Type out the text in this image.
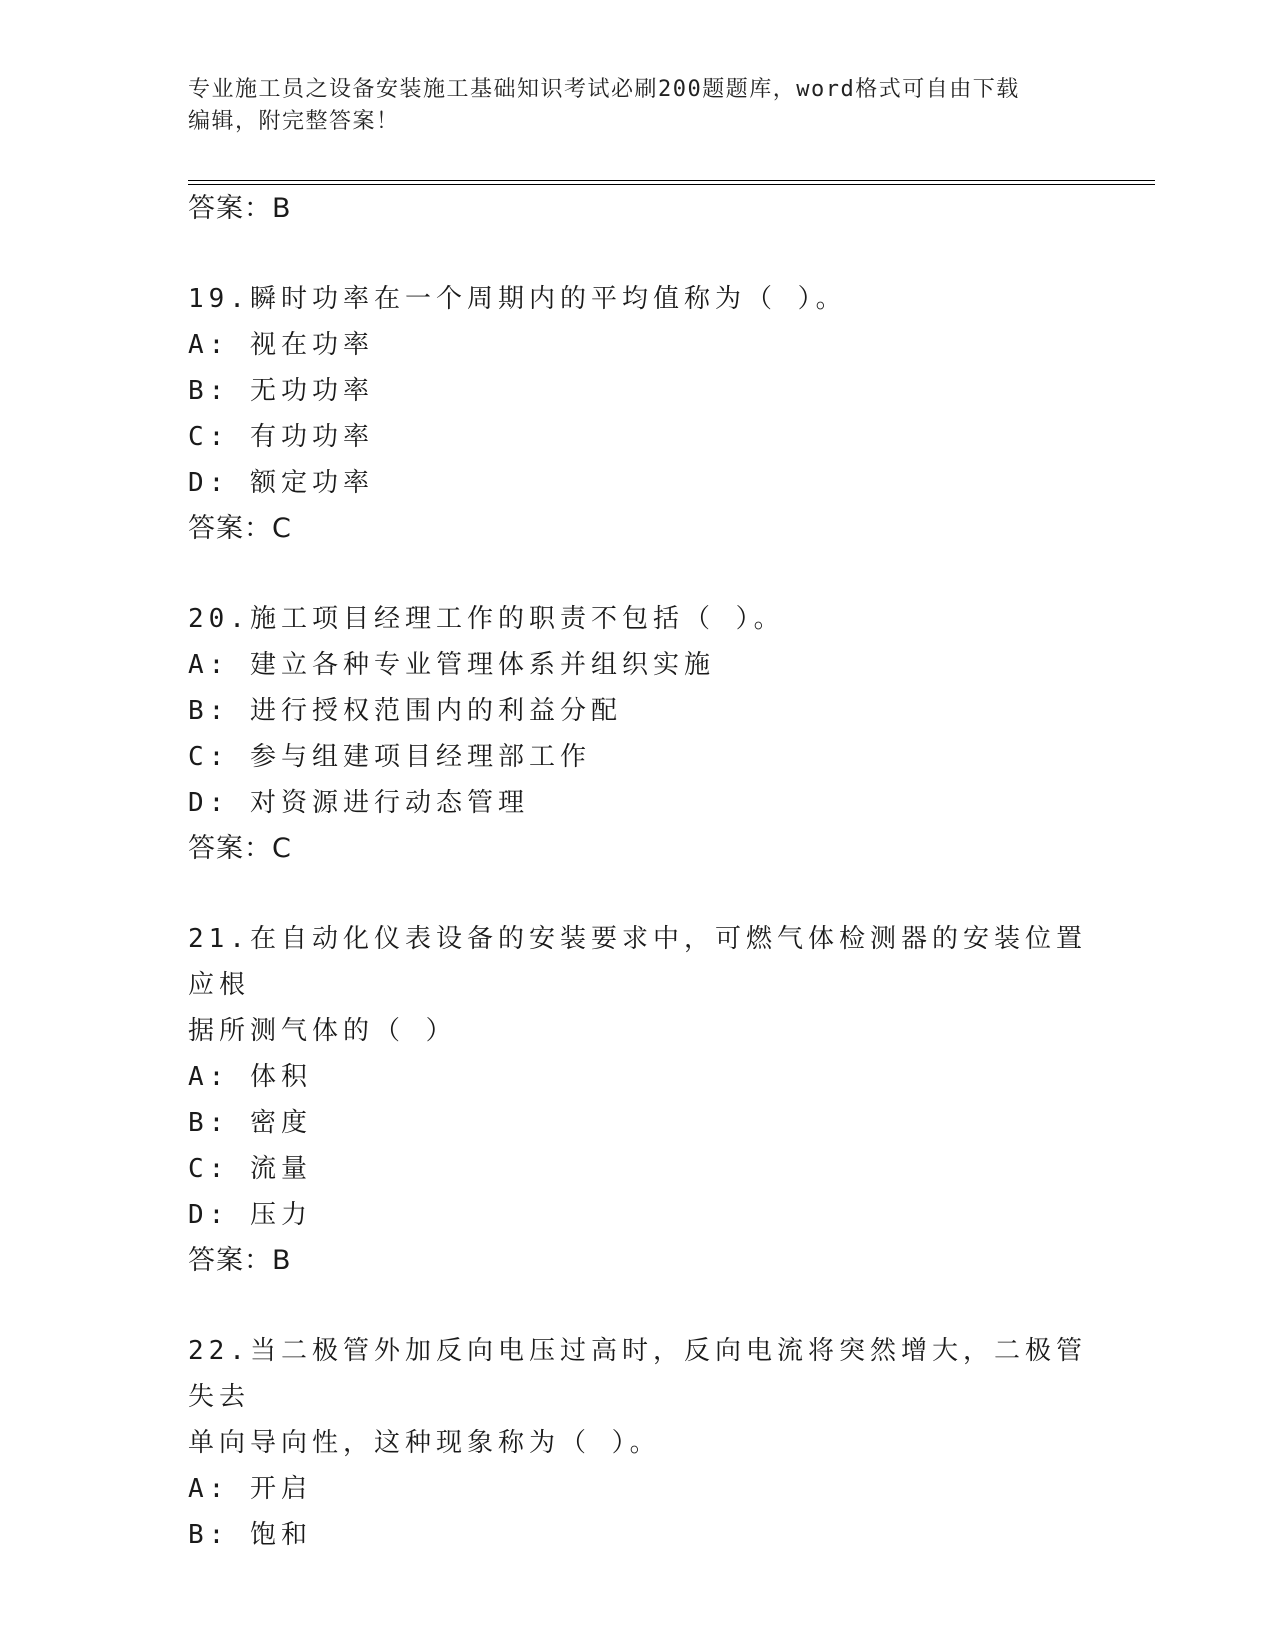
专业施工员之设备安装施工基础知识考试必刷200题题库，word格式可自由下载
编辑，附完整答案！
答案：B
19.瞬时功率在一个周期内的平均值称为（ ）。
A: 视在功率
B: 无功功率
C: 有功功率
D: 额定功率
答案：C
20.施工项目经理工作的职责不包括（ ）。
A: 建立各种专业管理体系并组织实施
B: 进行授权范围内的利益分配
C: 参与组建项目经理部工作
D: 对资源进行动态管理
答案：C
21.在自动化仪表设备的安装要求中，可燃气体检测器的安装位置应根
据所测气体的（ ）
A: 体积
B: 密度
C: 流量
D: 压力
答案：B
22.当二极管外加反向电压过高时，反向电流将突然增大，二极管失去
单向导向性，这种现象称为（ ）。
A: 开启
B: 饱和
